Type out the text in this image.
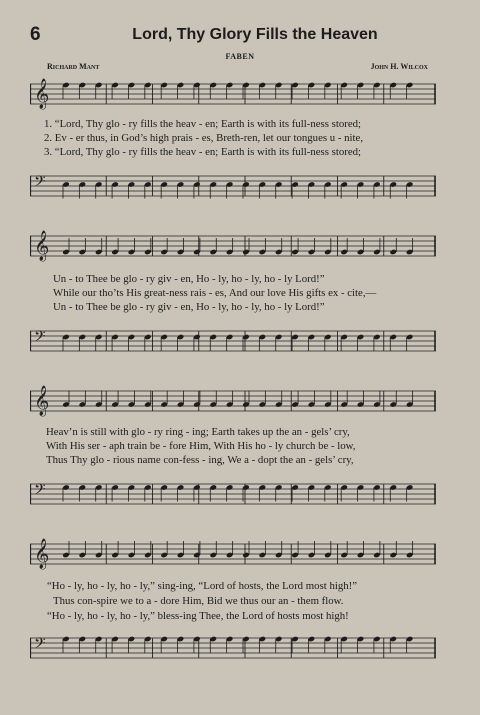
6	Lord, Thy Glory Fills the Heaven
FABEN
Richard Mant	John H. Wilcox
𝄞
1. “Lord, Thy glo - ry fills the heav - en; Earth is with its full-ness stored;
2. Ev - er thus, in God’s high prais - es, Breth-ren, let our tongues u - nite,
3. “Lord, Thy glo - ry fills the heav - en; Earth is with its full-ness stored;
𝄢
𝄞
Un - to Thee be glo - ry giv - en, Ho - ly, ho - ly, ho - ly Lord!”
While our tho’ts His great-ness rais - es, And our love His gifts ex - cite,—
Un - to Thee be glo - ry giv - en, Ho - ly, ho - ly, ho - ly Lord!”
𝄢
𝄞
Heav’n is still with glo - ry ring - ing; Earth takes up the an - gels’ cry,
With His ser - aph train be - fore Him, With His ho - ly church be - low,
Thus Thy glo - rious name con-fess - ing, We a - dopt the an - gels’ cry,
𝄢
𝄞
“Ho - ly, ho - ly, ho - ly,” sing-ing, “Lord of hosts, the Lord most high!”
Thus con-spire we to a - dore Him, Bid we thus our an - them flow.
“Ho - ly, ho - ly, ho - ly,” bless-ing Thee, the Lord of hosts most high!
𝄢
